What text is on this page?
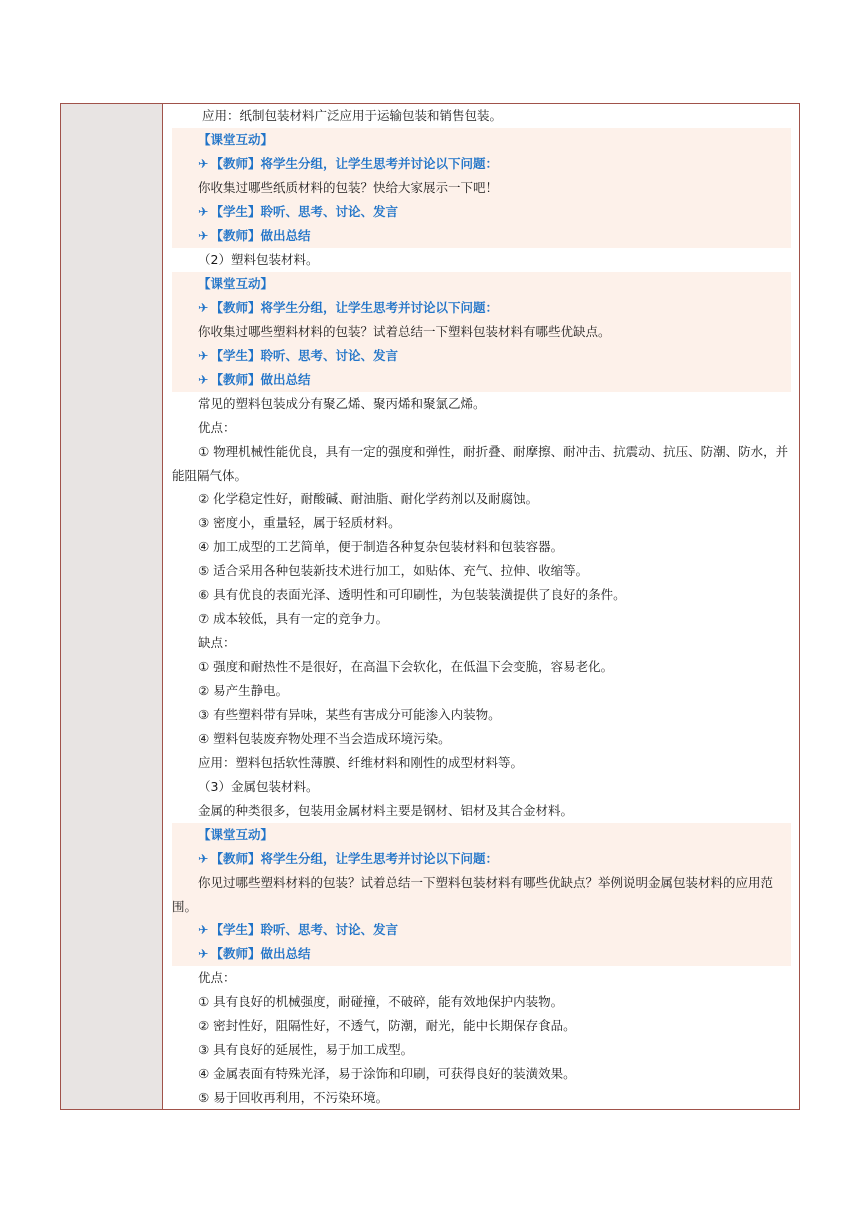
应用：纸制包装材料广泛应用于运输包装和销售包装。
【课堂互动】
✈ 【教师】将学生分组，让学生思考并讨论以下问题：
你收集过哪些纸质材料的包装？快给大家展示一下吧！
✈ 【学生】聆听、思考、讨论、发言
✈ 【教师】做出总结
（2）塑料包装材料。
【课堂互动】
✈ 【教师】将学生分组，让学生思考并讨论以下问题：
你收集过哪些塑料材料的包装？试着总结一下塑料包装材料有哪些优缺点。
✈ 【学生】聆听、思考、讨论、发言
✈ 【教师】做出总结
常见的塑料包装成分有聚乙烯、聚丙烯和聚氯乙烯。
优点：
① 物理机械性能优良，具有一定的强度和弹性，耐折叠、耐摩擦、耐冲击、抗震动、抗压、防潮、防水，并能阻隔气体。
② 化学稳定性好，耐酸碱、耐油脂、耐化学药剂以及耐腐蚀。
③ 密度小，重量轻，属于轻质材料。
④ 加工成型的工艺简单，便于制造各种复杂包装材料和包装容器。
⑤ 适合采用各种包装新技术进行加工，如贴体、充气、拉伸、收缩等。
⑥ 具有优良的表面光泽、透明性和可印刷性，为包装装潢提供了良好的条件。
⑦ 成本较低，具有一定的竞争力。
缺点：
① 强度和耐热性不是很好，在高温下会软化，在低温下会变脆，容易老化。
② 易产生静电。
③ 有些塑料带有异味，某些有害成分可能渗入内装物。
④ 塑料包装废弃物处理不当会造成环境污染。
应用：塑料包括软性薄膜、纤维材料和刚性的成型材料等。
（3）金属包装材料。
金属的种类很多，包装用金属材料主要是钢材、铝材及其合金材料。
【课堂互动】
✈ 【教师】将学生分组，让学生思考并讨论以下问题：
你见过哪些塑料材料的包装？试着总结一下塑料包装材料有哪些优缺点？举例说明金属包装材料的应用范围。
✈ 【学生】聆听、思考、讨论、发言
✈ 【教师】做出总结
优点：
① 具有良好的机械强度，耐碰撞，不破碎，能有效地保护内装物。
② 密封性好，阻隔性好，不透气，防潮，耐光，能中长期保存食品。
③ 具有良好的延展性，易于加工成型。
④ 金属表面有特殊光泽，易于涂饰和印刷，可获得良好的装潢效果。
⑤ 易于回收再利用，不污染环境。
